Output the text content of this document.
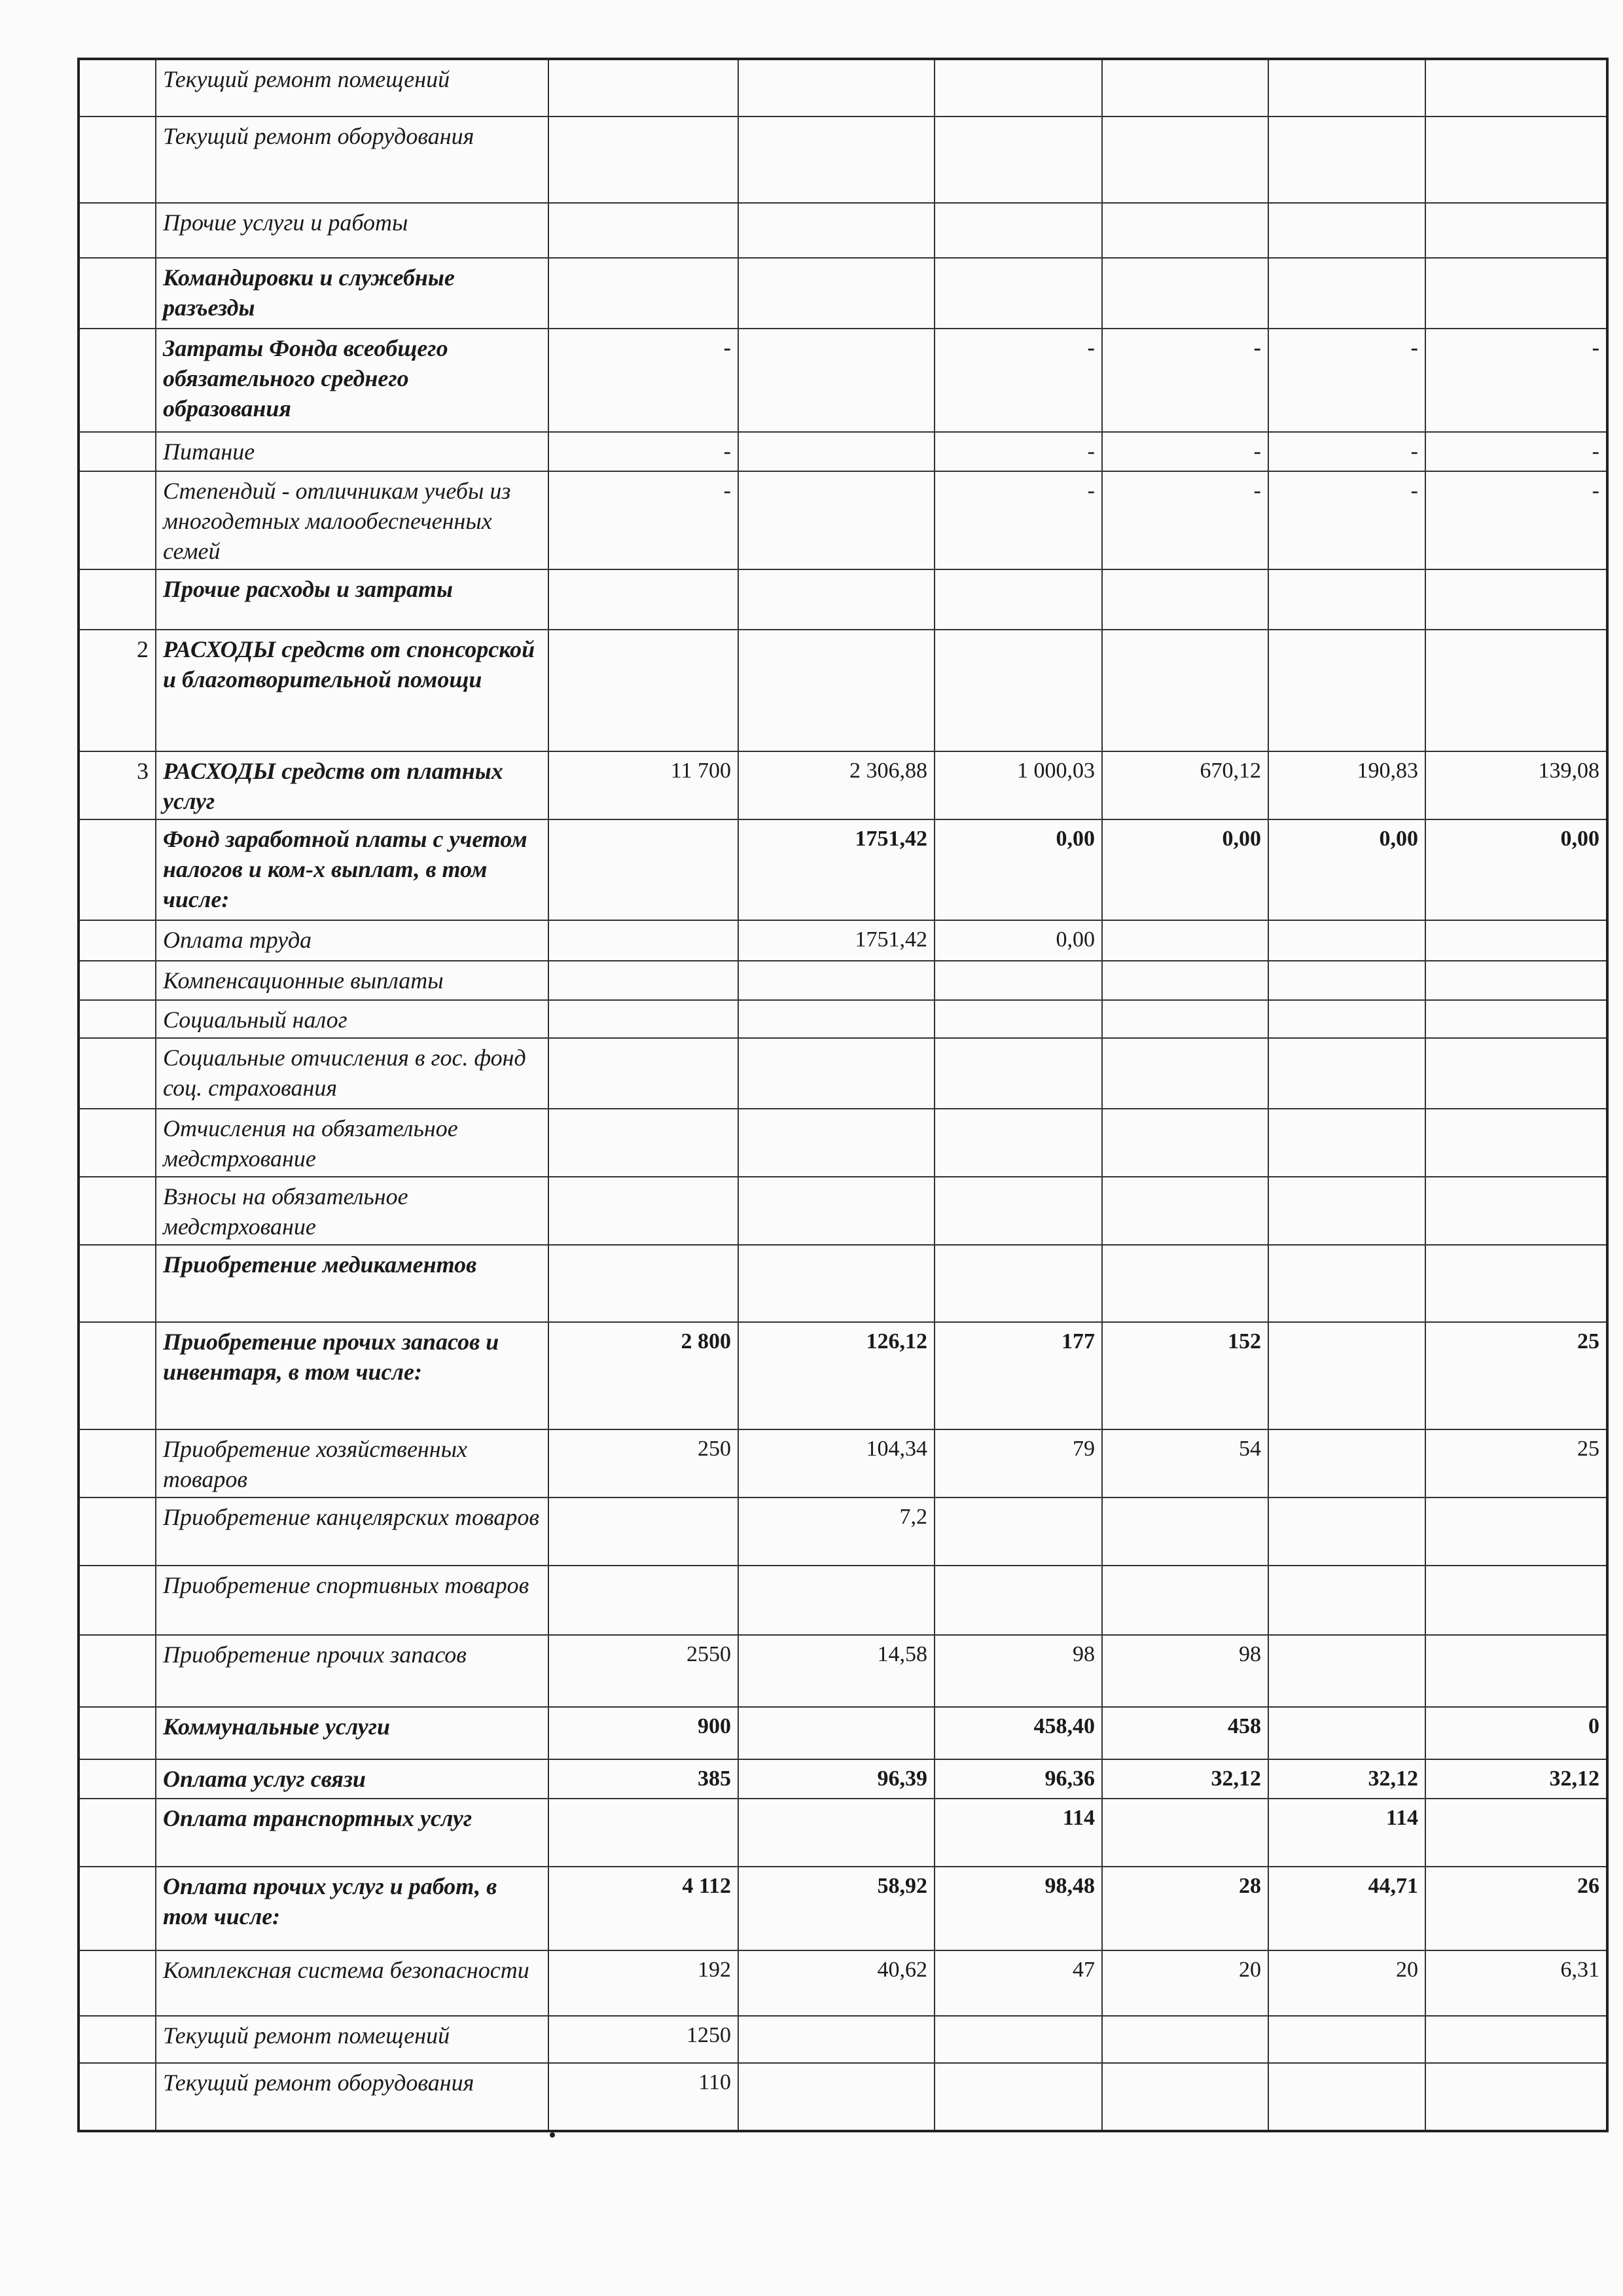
	Текущий ремонт помещений						
	Текущий ремонт оборудования						
	Прочие услуги и работы						
	Командировки и служебные разъезды						
	Затраты Фонда всеобщего обязательного среднего образования	-		-	-	-	-
	Питание	-		-	-	-	-
	Степендий - отличникам учебы из многодетных малообеспеченных семей	-		-	-	-	-
	Прочие расходы и затраты						
2	РАСХОДЫ средств от спонсорской и благотворительной помощи						
3	РАСХОДЫ средств от платных услуг	11 700	2 306,88	1 000,03	670,12	190,83	139,08
	Фонд заработной платы с учетом налогов и ком-х выплат, в том числе:		1751,42	0,00	0,00	0,00	0,00
	Оплата труда		1751,42	0,00			
	Компенсационные выплаты						
	Социальный налог						
	Социальные отчисления в гос. фонд соц. страхования						
	Отчисления на обязательное медстрхование						
	Взносы на обязательное медстрхование						
	Приобретение медикаментов						
	Приобретение прочих запасов и инвентаря, в том числе:	2 800	126,12	177	152		25
	Приобретение хозяйственных товаров	250	104,34	79	54		25
	Приобретение канцелярских товаров		7,2				
	Приобретение спортивных товаров						
	Приобретение прочих запасов	2550	14,58	98	98		
	Коммунальные услуги	900		458,40	458		0
	Оплата услуг связи	385	96,39	96,36	32,12	32,12	32,12
	Оплата транспортных услуг			114		114	
	Оплата прочих услуг и работ, в том числе:	4 112	58,92	98,48	28	44,71	26
	Комплексная система безопасности	192	40,62	47	20	20	6,31
	Текущий ремонт помещений	1250					
	Текущий ремонт оборудования	110					
